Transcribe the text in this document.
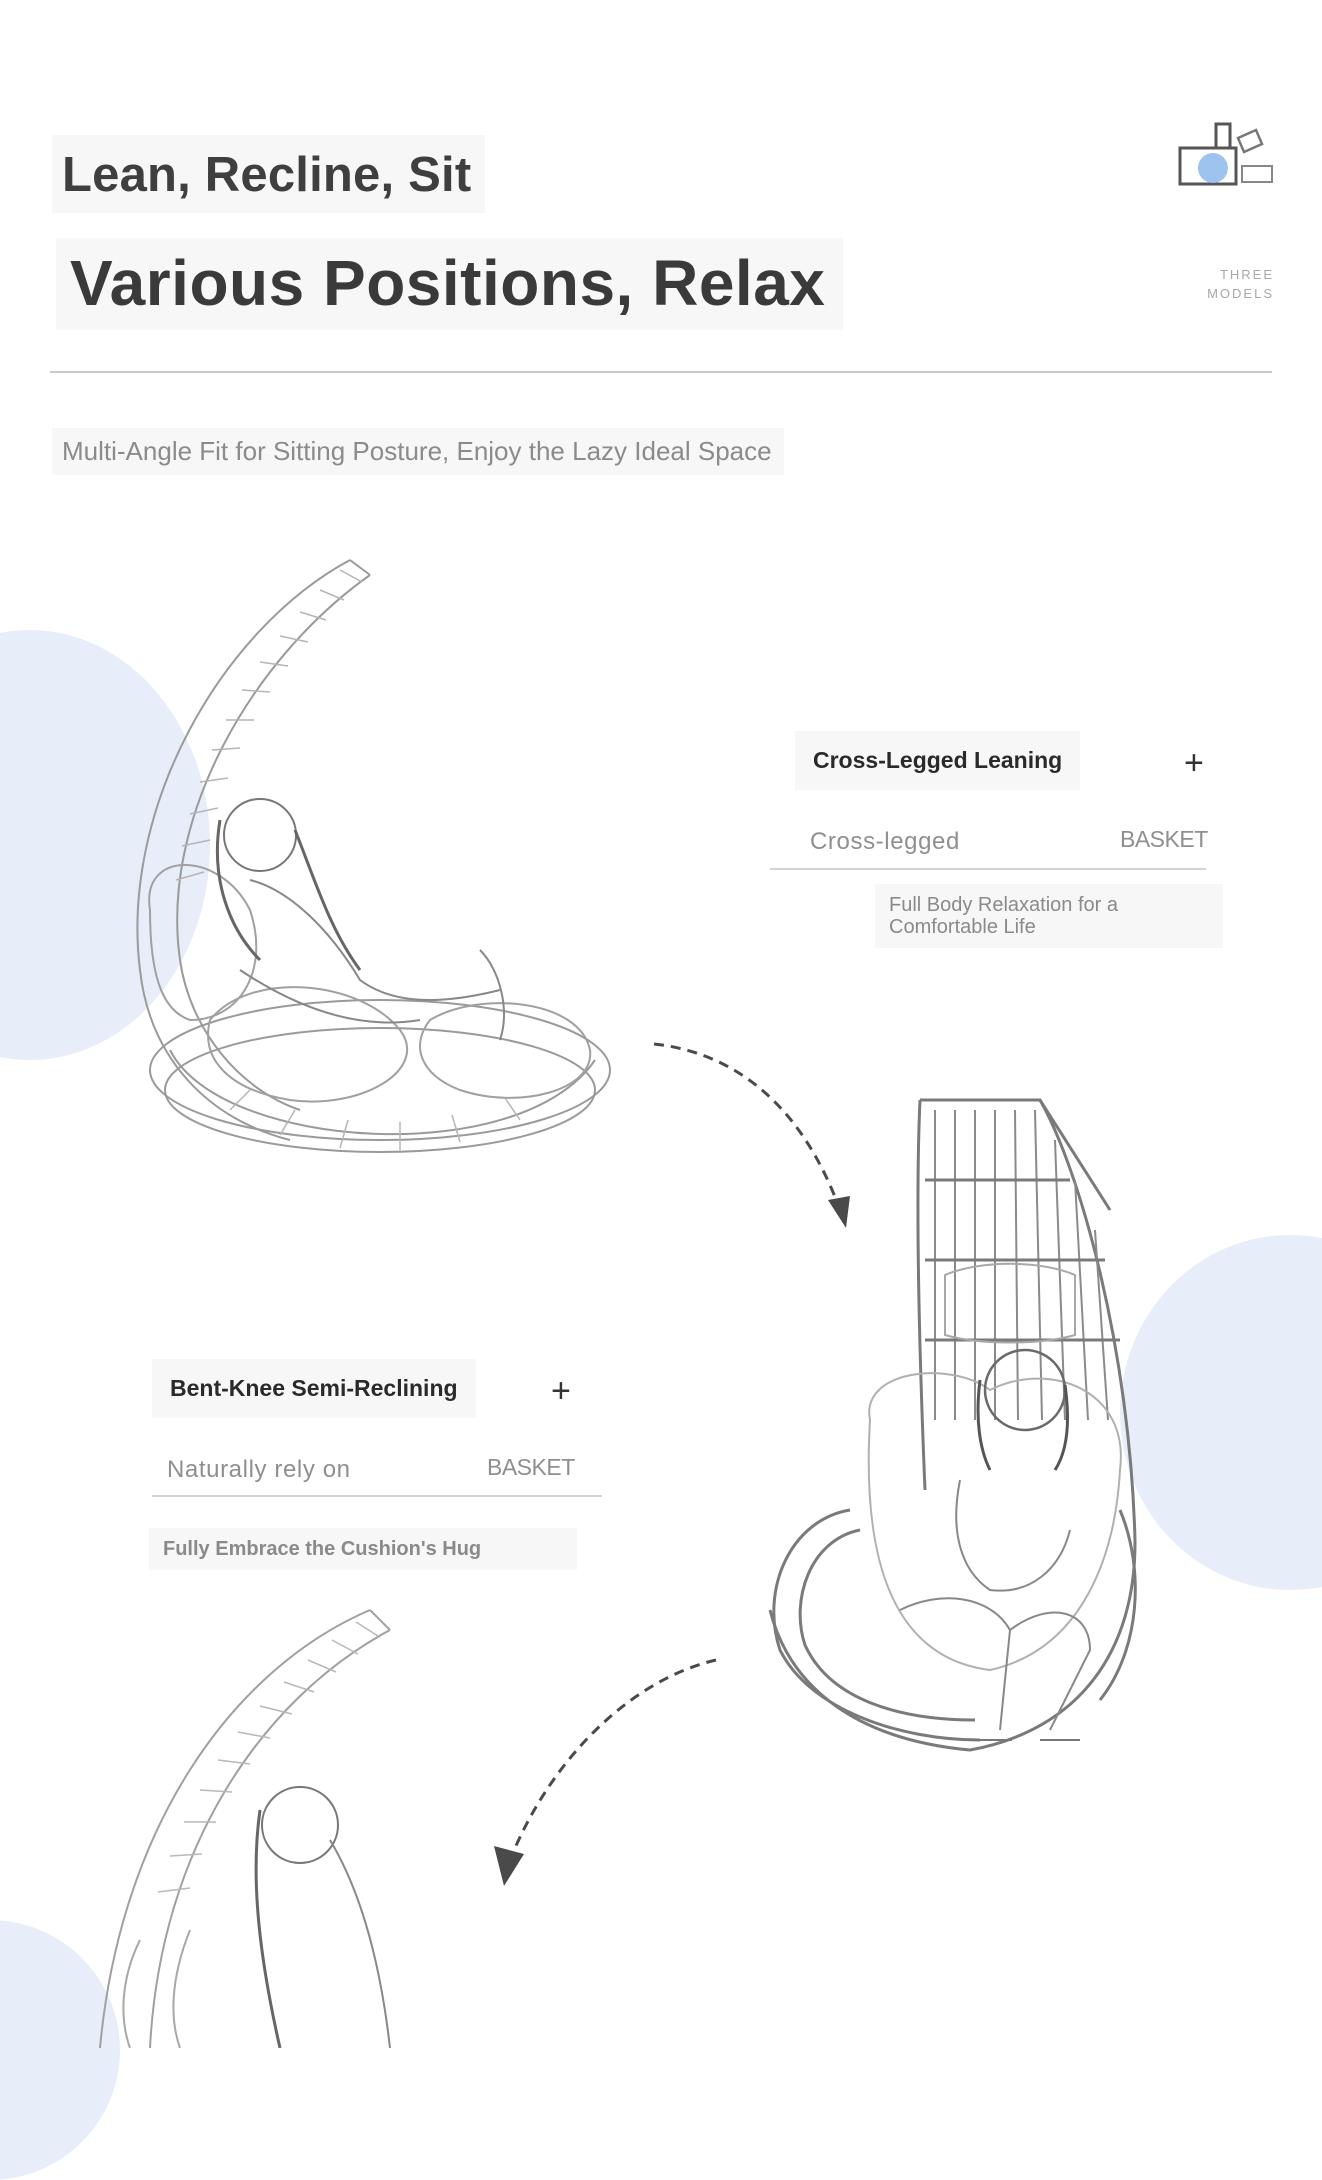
Lean, Recline, Sit
Various Positions, Relax	THREE
MODELS
Multi-Angle Fit for Sitting Posture, Enjoy the Lazy Ideal Space
Cross-Legged Leaning	+
Cross-legged	BASKET
Full Body Relaxation for a Comfortable Life
Bent-Knee Semi-Reclining	+
Naturally rely on	BASKET
Fully Embrace the Cushion's Hug
